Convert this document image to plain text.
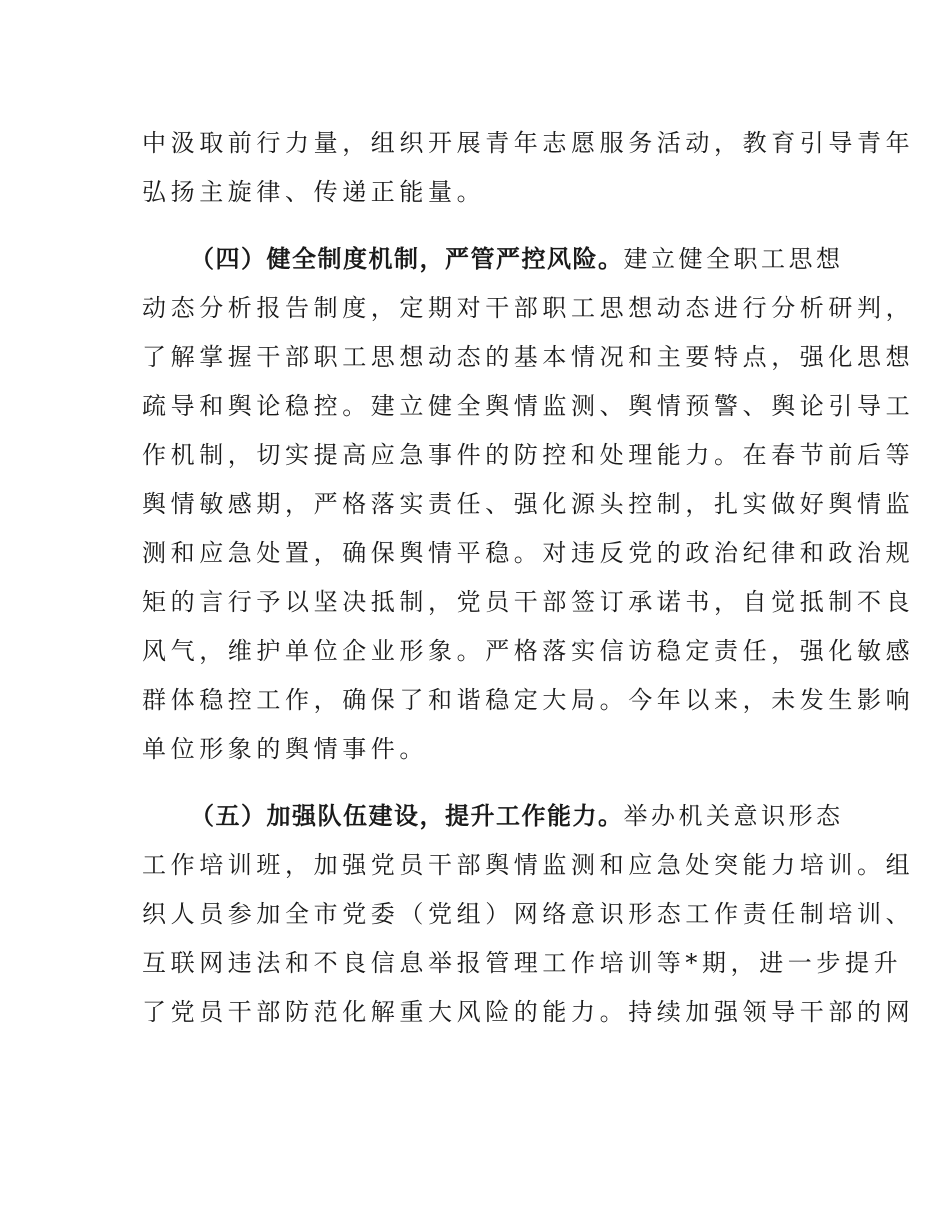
中汲取前行力量，组织开展青年志愿服务活动，教育引导青年
弘扬主旋律、传递正能量。
（四）健全制度机制，严管严控风险。建立健全职工思想
动态分析报告制度，定期对干部职工思想动态进行分析研判，
了解掌握干部职工思想动态的基本情况和主要特点，强化思想
疏导和舆论稳控。建立健全舆情监测、舆情预警、舆论引导工
作机制，切实提高应急事件的防控和处理能力。在春节前后等
舆情敏感期，严格落实责任、强化源头控制，扎实做好舆情监
测和应急处置，确保舆情平稳。对违反党的政治纪律和政治规
矩的言行予以坚决抵制，党员干部签订承诺书，自觉抵制不良
风气，维护单位企业形象。严格落实信访稳定责任，强化敏感
群体稳控工作，确保了和谐稳定大局。今年以来，未发生影响
单位形象的舆情事件。
（五）加强队伍建设，提升工作能力。举办机关意识形态
工作培训班，加强党员干部舆情监测和应急处突能力培训。组
织人员参加全市党委（党组）网络意识形态工作责任制培训、
互联网违法和不良信息举报管理工作培训等*期，进一步提升
了党员干部防范化解重大风险的能力。持续加强领导干部的网
